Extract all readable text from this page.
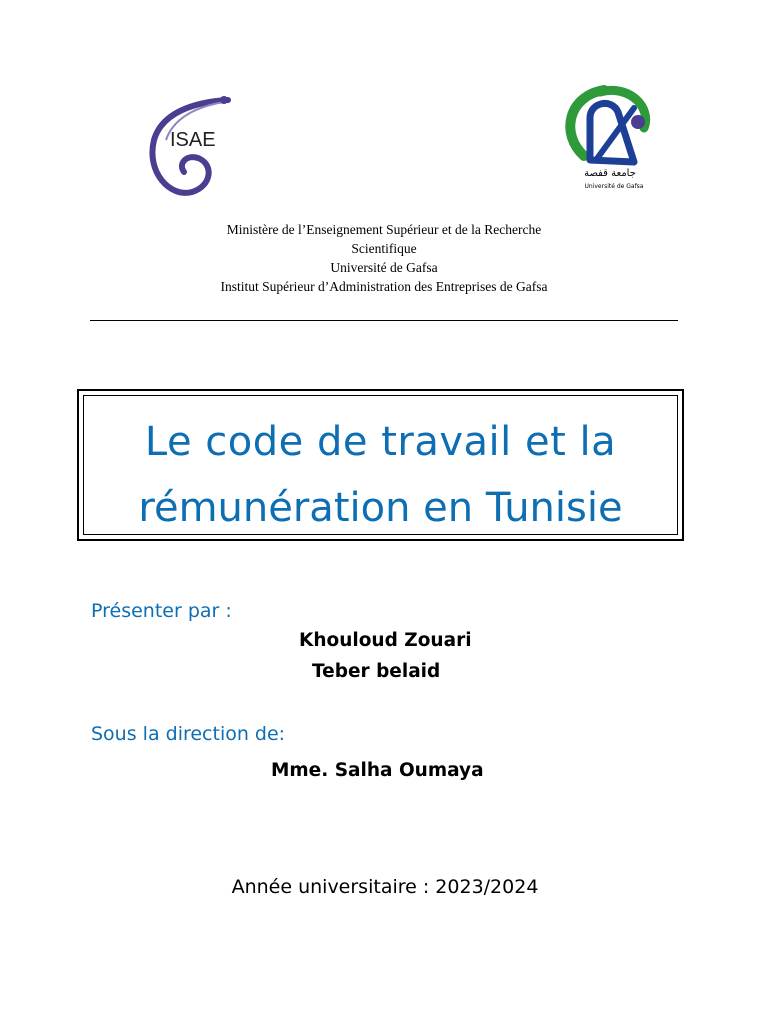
ISAE
جامعة قفصة
Université de Gafsa
Ministère de l’Enseignement Supérieur et de la Recherche
Scientifique
Université de Gafsa
Institut Supérieur d’Administration des Entreprises de Gafsa
Le code de travail et la
rémunération en Tunisie
Présenter par :
Khouloud Zouari
Teber belaid
Sous la direction de:
Mme. Salha Oumaya
Année universitaire : 2023/2024
